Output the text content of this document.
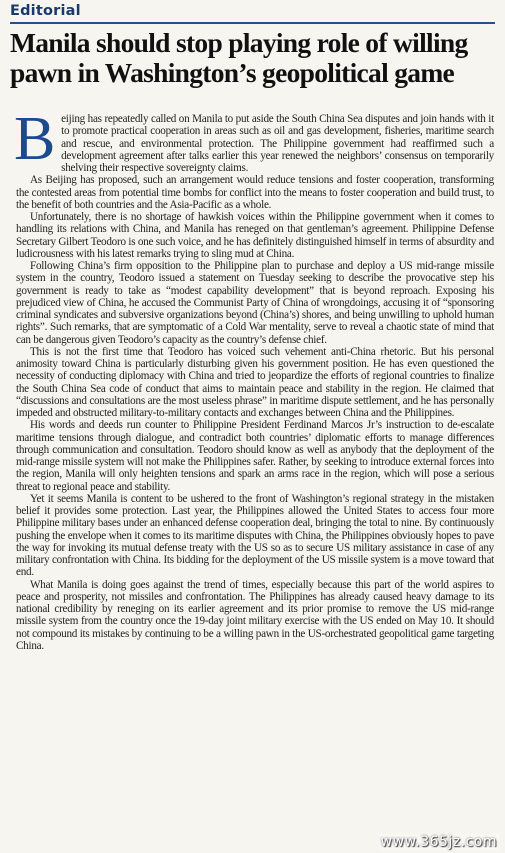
Editorial
Manila should stop playing role of willing pawn in Washington’s geopolitical game

Beijing has repeatedly called on Manila to put aside the South China Sea disputes and join hands with it to promote practical cooperation in areas such as oil and gas development, fisheries, maritime search and rescue, and environmental protection. The Philippine government had reaffirmed such a development agreement after talks earlier this year renewed the neighbors’ consensus on temporarily shelving their respective sovereignty claims.

As Beijing has proposed, such an arrangement would reduce tensions and foster cooperation, transforming the contested areas from potential time bombs for conflict into the means to foster cooperation and build trust, to the benefit of both countries and the Asia-Pacific as a whole.

Unfortunately, there is no shortage of hawkish voices within the Philippine government when it comes to handling its relations with China, and Manila has reneged on that gentleman’s agreement. Philippine Defense Secretary Gilbert Teodoro is one such voice, and he has definitely distinguished himself in terms of absurdity and ludicrousness with his latest remarks trying to sling mud at China.

Following China’s firm opposition to the Philippine plan to purchase and deploy a US mid-range missile system in the country, Teodoro issued a statement on Tuesday seeking to describe the provocative step his government is ready to take as “modest capability development” that is beyond reproach. Exposing his prejudiced view of China, he accused the Communist Party of China of wrongdoings, accusing it of “sponsoring criminal syndicates and subversive organizations beyond (China’s) shores, and being unwilling to uphold human rights”. Such remarks, that are symptomatic of a Cold War mentality, serve to reveal a chaotic state of mind that can be dangerous given Teodoro’s capacity as the country’s defense chief.

This is not the first time that Teodoro has voiced such vehement anti-China rhetoric. But his personal animosity toward China is particularly disturbing given his government position. He has even questioned the necessity of conducting diplomacy with China and tried to jeopardize the efforts of regional countries to finalize the South China Sea code of conduct that aims to maintain peace and stability in the region. He claimed that “discussions and consultations are the most useless phrase” in maritime dispute settlement, and he has personally impeded and obstructed military-to-military contacts and exchanges between China and the Philippines.

His words and deeds run counter to Philippine President Ferdinand Marcos Jr’s instruction to de-escalate maritime tensions through dialogue, and contradict both countries’ diplomatic efforts to manage differences through communication and consultation. Teodoro should know as well as anybody that the deployment of the mid-range missile system will not make the Philippines safer. Rather, by seeking to introduce external forces into the region, Manila will only heighten tensions and spark an arms race in the region, which will pose a serious threat to regional peace and stability.

Yet it seems Manila is content to be ushered to the front of Washington’s regional strategy in the mistaken belief it provides some protection. Last year, the Philippines allowed the United States to access four more Philippine military bases under an enhanced defense cooperation deal, bringing the total to nine. By continuously pushing the envelope when it comes to its maritime disputes with China, the Philippines obviously hopes to pave the way for invoking its mutual defense treaty with the US so as to secure US military assistance in case of any military confrontation with China. Its bidding for the deployment of the US missile system is a move toward that end.

What Manila is doing goes against the trend of times, especially because this part of the world aspires to peace and prosperity, not missiles and confrontation. The Philippines has already caused heavy damage to its national credibility by reneging on its earlier agreement and its prior promise to remove the US mid-range missile system from the country once the 19-day joint military exercise with the US ended on May 10. It should not compound its mistakes by continuing to be a willing pawn in the US-orchestrated geopolitical game targeting China.

www.365jz.com
